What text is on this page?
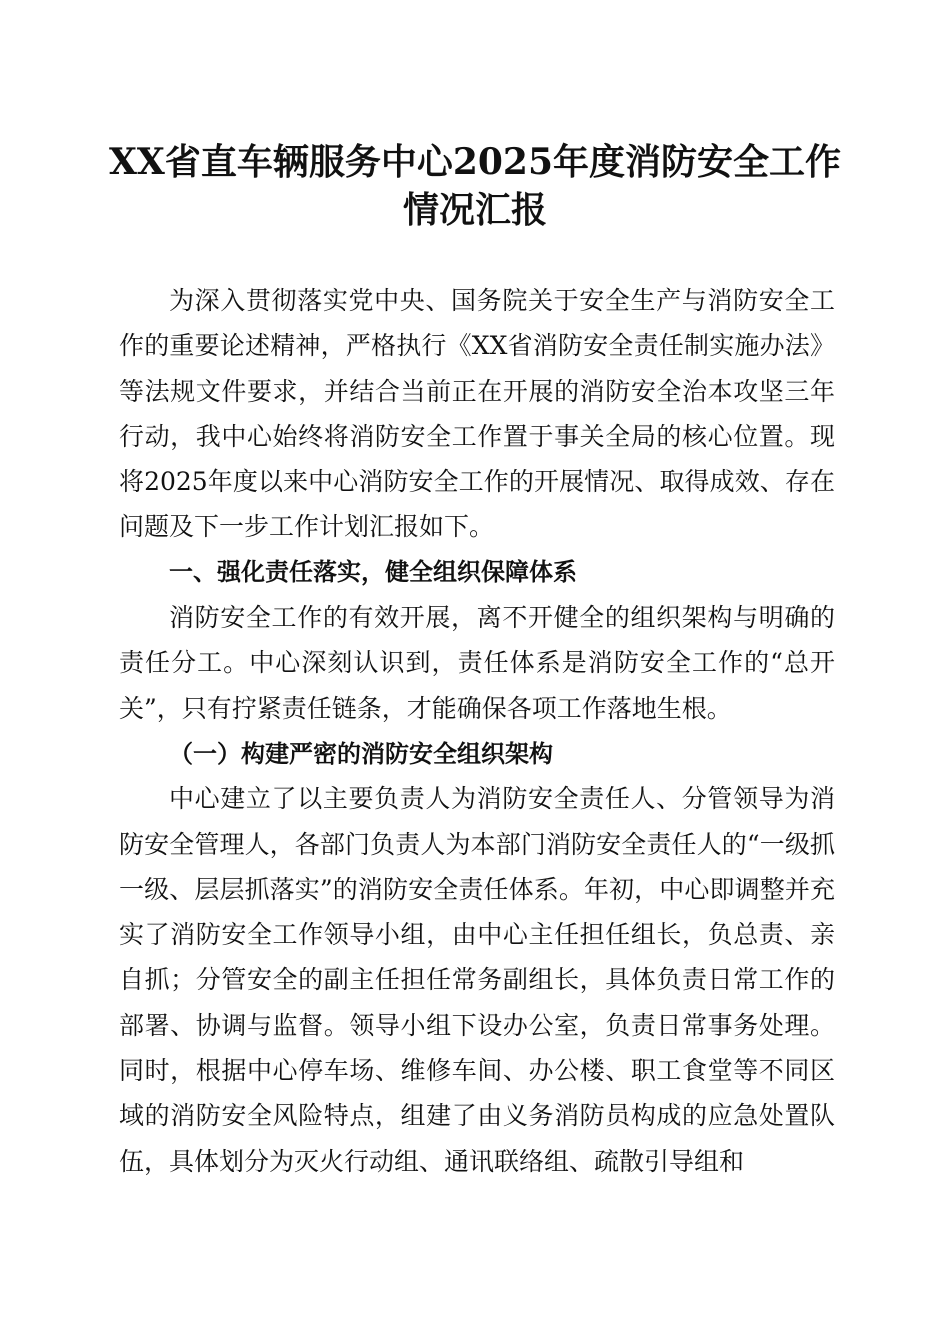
XX省直车辆服务中心2025年度消防安全工作
情况汇报

为深入贯彻落实党中央、国务院关于安全生产与消防安全工作的重要论述精神，严格执行《XX省消防安全责任制实施办法》等法规文件要求，并结合当前正在开展的消防安全治本攻坚三年行动，我中心始终将消防安全工作置于事关全局的核心位置。现将2025年度以来中心消防安全工作的开展情况、取得成效、存在问题及下一步工作计划汇报如下。

一、强化责任落实，健全组织保障体系

消防安全工作的有效开展，离不开健全的组织架构与明确的责任分工。中心深刻认识到，责任体系是消防安全工作的“总开关”，只有拧紧责任链条，才能确保各项工作落地生根。

（一）构建严密的消防安全组织架构

中心建立了以主要负责人为消防安全责任人、分管领导为消防安全管理人，各部门负责人为本部门消防安全责任人的“一级抓一级、层层抓落实”的消防安全责任体系。年初，中心即调整并充实了消防安全工作领导小组，由中心主任担任组长，负总责、亲自抓；分管安全的副主任担任常务副组长，具体负责日常工作的部署、协调与监督。领导小组下设办公室，负责日常事务处理。同时，根据中心停车场、维修车间、办公楼、职工食堂等不同区域的消防安全风险特点，组建了由义务消防员构成的应急处置队伍，具体划分为灭火行动组、通讯联络组、疏散引导组和
